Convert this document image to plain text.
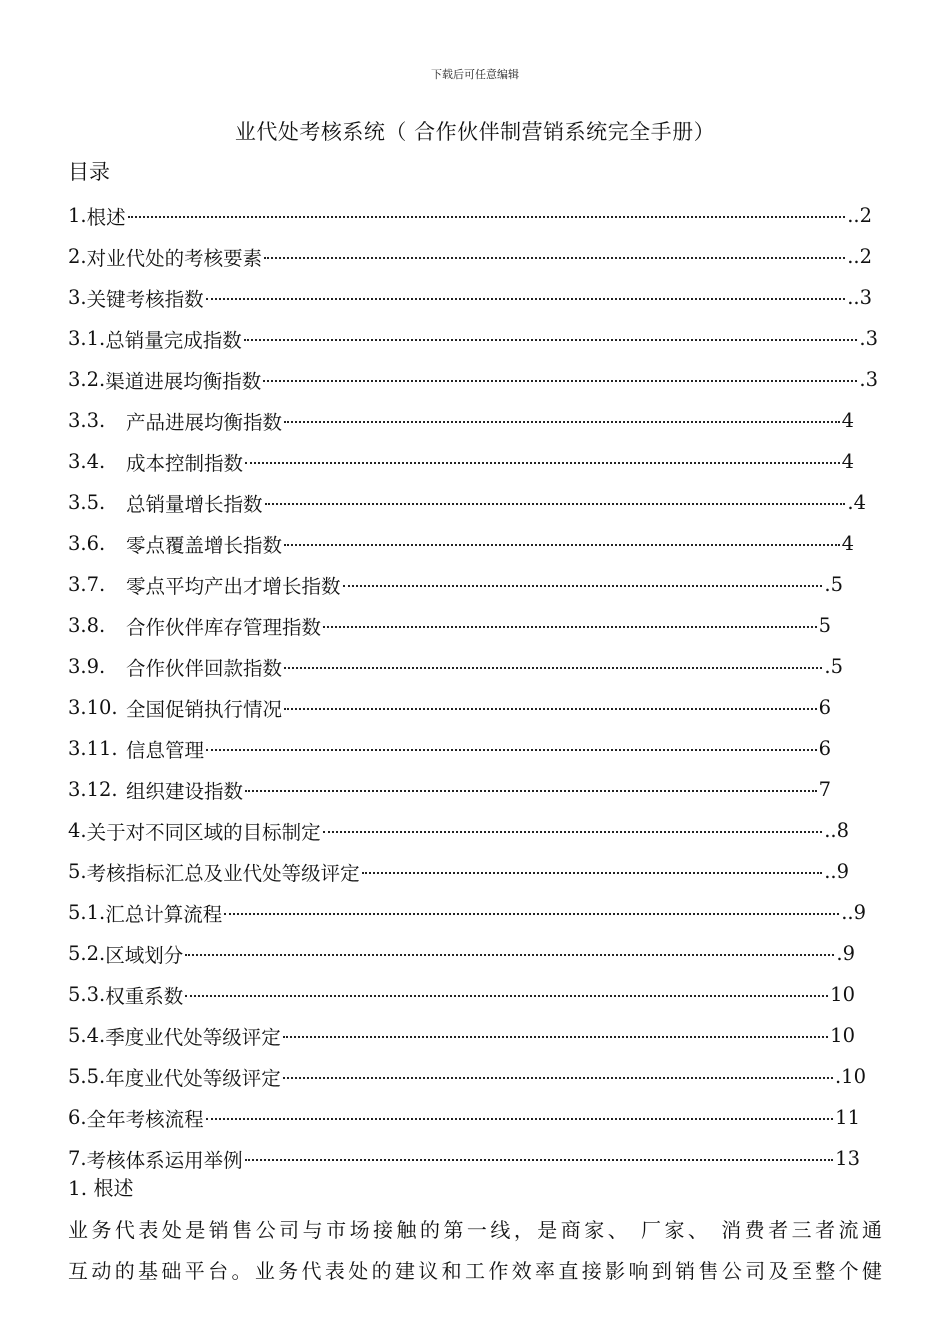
下载后可任意编辑
业代处考核系统（ 合作伙伴制营销系统完全手册）
目录
1. 根述	..2
2. 对业代处的考核要素	..2
3. 关键考核指数	..3
3.1. 总销量完成指数	.3
3.2. 渠道进展均衡指数	.3
3.3.	产品进展均衡指数	4
3.4.	成本控制指数	4
3.5.	总销量增长指数	.4
3.6.	零点覆盖增长指数	4
3.7.	零点平均产出才增长指数	.5
3.8.	合作伙伴库存管理指数	5
3.9.	合作伙伴回款指数	.5
3.10. 全国促销执行情况	6
3.11. 信息管理	6
3.12. 组织建设指数	7
4. 关于对不同区域的目标制定	..8
5. 考核指标汇总及业代处等级评定	..9
5.1. 汇总计算流程	..9
5.2. 区域划分	.9
5.3. 权重系数	10
5.4. 季度业代处等级评定	10
5.5. 年度业代处等级评定	.10
6. 全年考核流程	11
7. 考核体系运用举例	13
1. 根述
业务代表处是销售公司与市场接触的第一线，是商家、 厂家、 消费者三者流通
互动的基础平台。业务代表处的建议和工作效率直接影响到销售公司及至整个健
